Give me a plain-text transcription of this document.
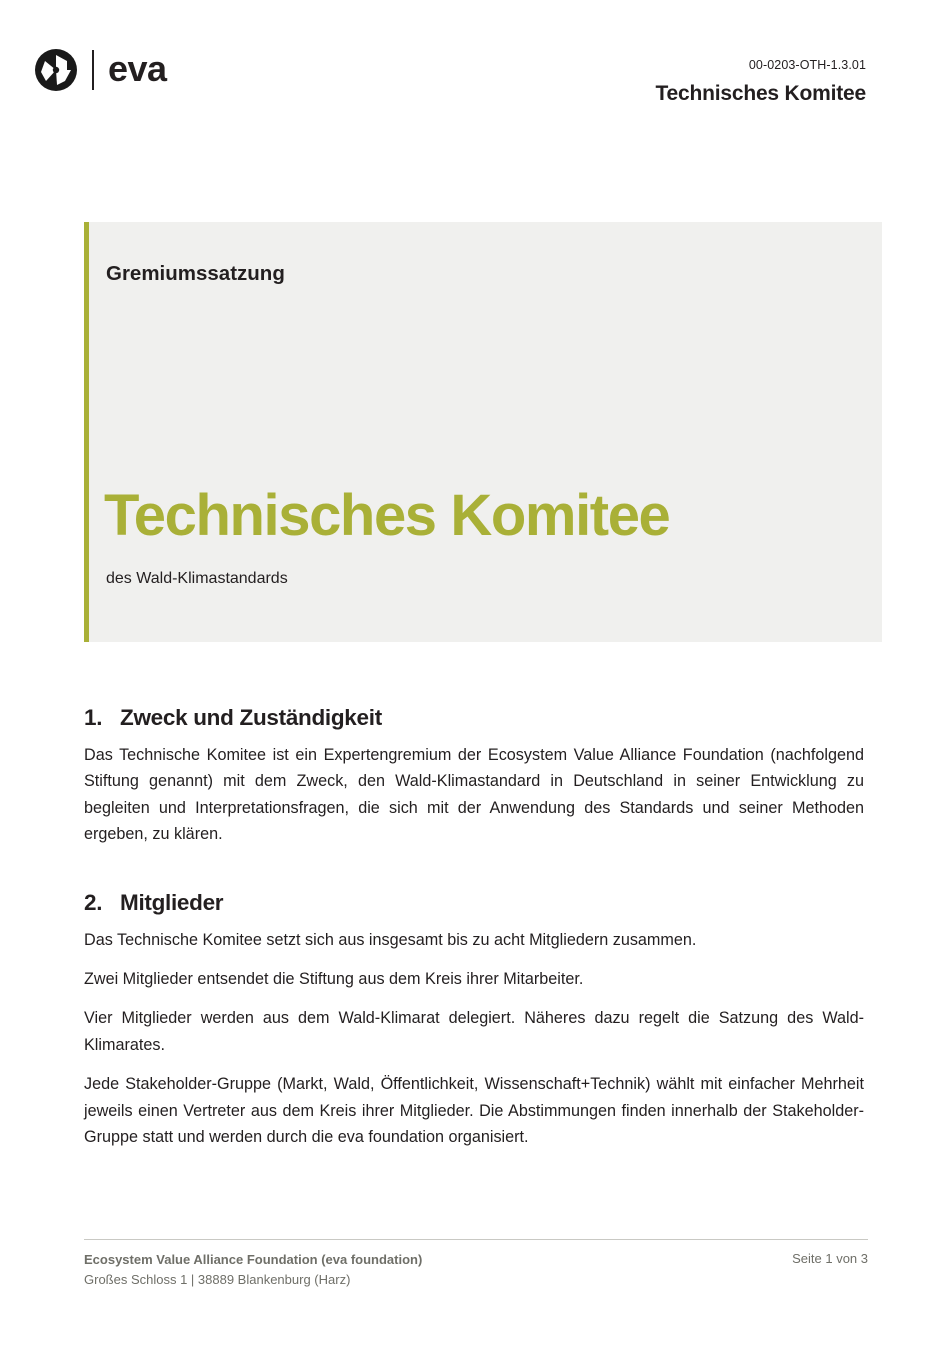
eva	00-0203-OTH-1.3.01
Technisches Komitee
Gremiumssatzung
Technisches Komitee
des Wald-Klimastandards
1. Zweck und Zuständigkeit

Das Technische Komitee ist ein Expertengremium der Ecosystem Value Alliance Foundation (nachfolgend Stiftung genannt) mit dem Zweck, den Wald-Klimastandard in Deutschland in seiner Entwicklung zu begleiten und Interpretationsfragen, die sich mit der Anwendung des Standards und seiner Methoden ergeben, zu klären.

2. Mitglieder

Das Technische Komitee setzt sich aus insgesamt bis zu acht Mitgliedern zusammen.

Zwei Mitglieder entsendet die Stiftung aus dem Kreis ihrer Mitarbeiter.

Vier Mitglieder werden aus dem Wald-Klimarat delegiert. Näheres dazu regelt die Satzung des Wald-Klimarates.

Jede Stakeholder-Gruppe (Markt, Wald, Öffentlichkeit, Wissenschaft+Technik) wählt mit einfacher Mehrheit jeweils einen Vertreter aus dem Kreis ihrer Mitglieder. Die Abstimmungen finden innerhalb der Stakeholder-Gruppe statt und werden durch die eva foundation organisiert.

Ecosystem Value Alliance Foundation (eva foundation)
Großes Schloss 1 | 38889 Blankenburg (Harz)
Seite 1 von 3
